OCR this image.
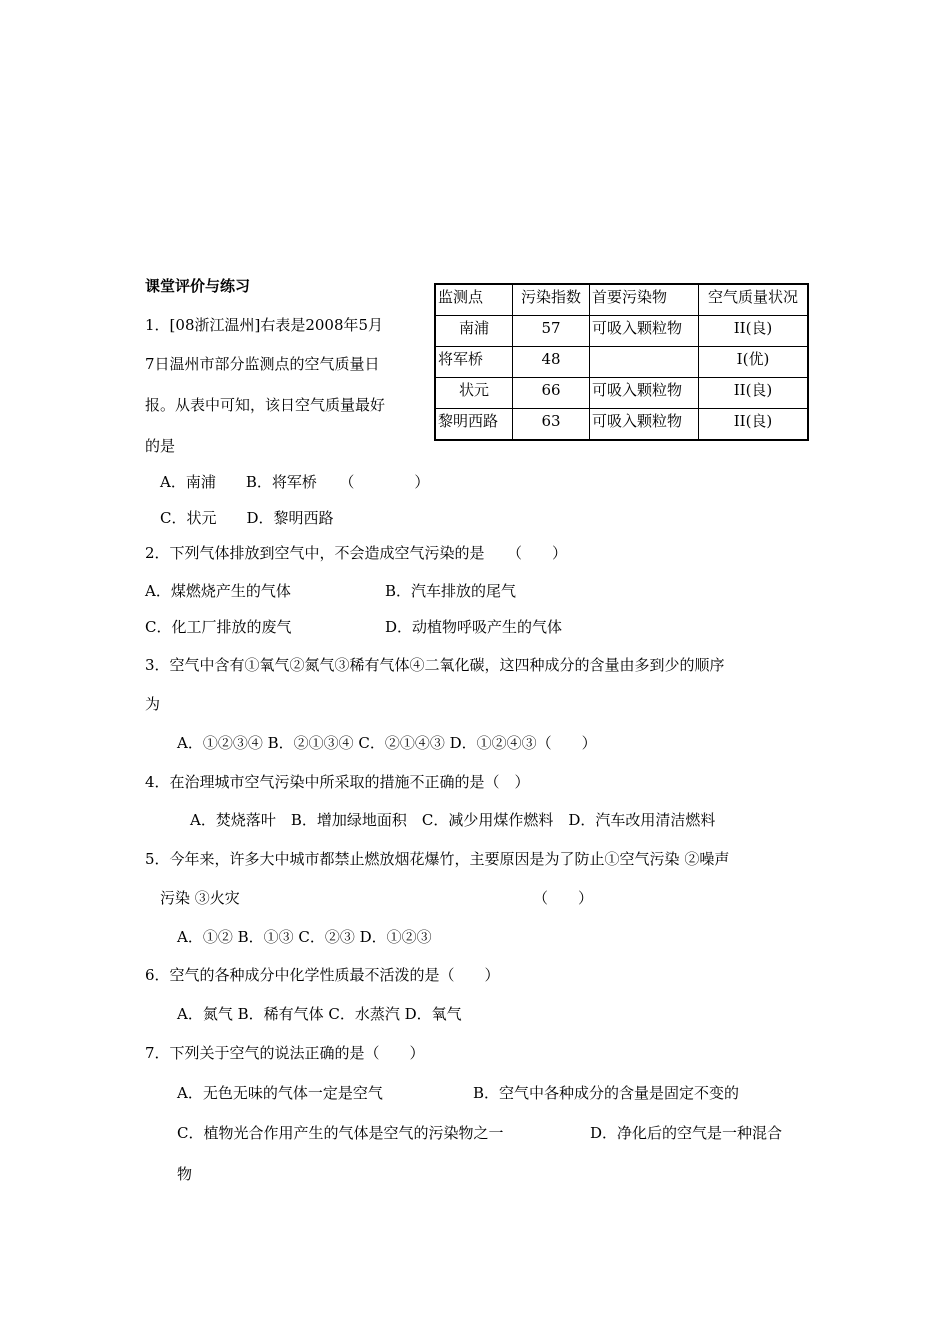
课堂评价与练习
1．[08浙江温州]右表是2008年5月
7日温州市部分监测点的空气质量日
报。从表中可知，该日空气质量最好
的是
A．南浦　　B．将军桥　　（　　　　）
C．状元　　D．黎明西路
监测点	污染指数	首要污染物	空气质量状况
南浦	57	可吸入颗粒物	II(良)
将军桥	48		I(优)
状元	66	可吸入颗粒物	II(良)
黎明西路	63	可吸入颗粒物	II(良)
2．下列气体排放到空气中，不会造成空气污染的是　　（　　）
A．煤燃烧产生的气体	B．汽车排放的尾气
C．化工厂排放的废气	D．动植物呼吸产生的气体
3．空气中含有①氧气②氮气③稀有气体④二氧化碳，这四种成分的含量由多到少的顺序
为
A．①②③④ B．②①③④ C．②①④③ D．①②④③（　　）
4．在治理城市空气污染中所采取的措施不正确的是（　）
A．焚烧落叶　B．增加绿地面积　C．减少用煤作燃料　D．汽车改用清洁燃料
5．今年来，许多大中城市都禁止燃放烟花爆竹，主要原因是为了防止①空气污染 ②噪声
污染 ③火灾	（　　）
A．①② B．①③ C．②③ D．①②③
6．空气的各种成分中化学性质最不活泼的是（　　）
A．氮气 B．稀有气体 C．水蒸汽 D．氧气
7．下列关于空气的说法正确的是（　　）
A．无色无味的气体一定是空气	B．空气中各种成分的含量是固定不变的
C．植物光合作用产生的气体是空气的污染物之一	D．净化后的空气是一种混合
物
